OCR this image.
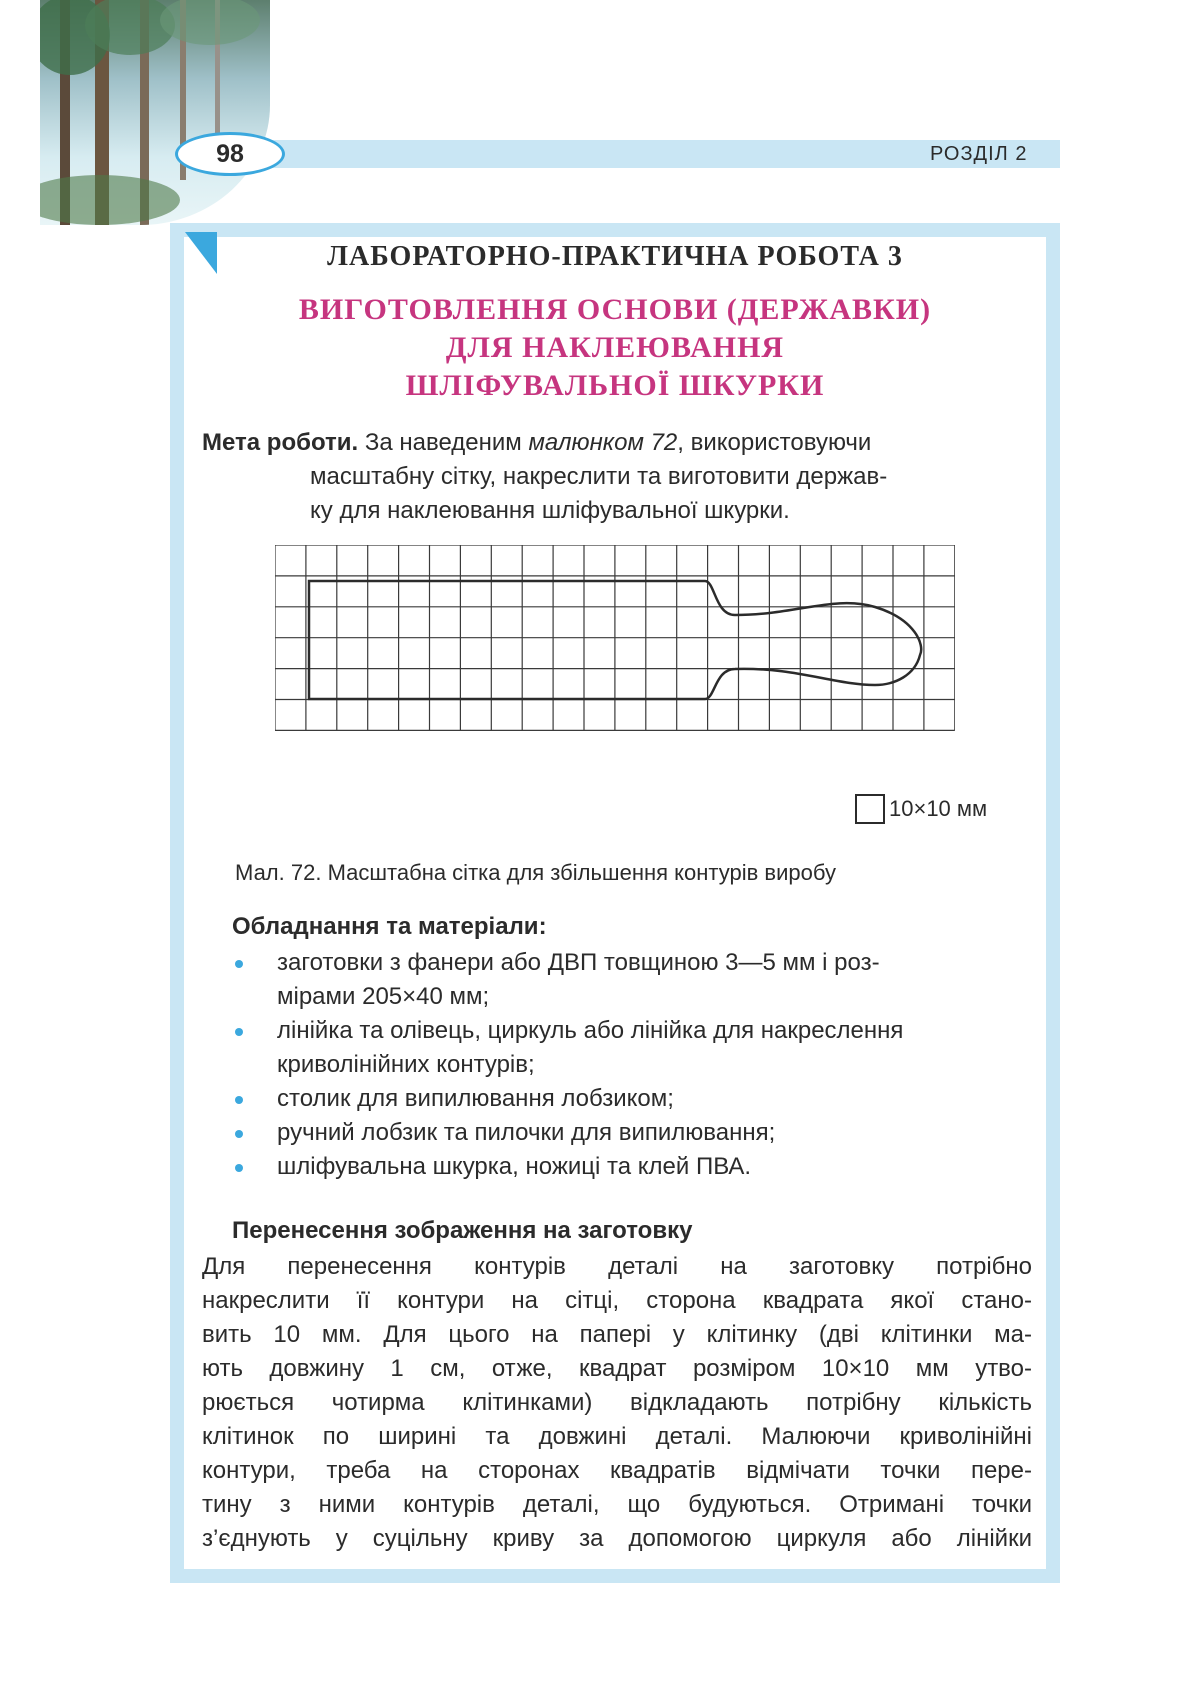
98	РОЗДІЛ 2
ЛАБОРАТОРНО-ПРАКТИЧНА РОБОТА 3
ВИГОТОВЛЕННЯ ОСНОВИ (ДЕРЖАВКИ)
ДЛЯ НАКЛЕЮВАННЯ
ШЛІФУВАЛЬНОЇ ШКУРКИ
Мета роботи. За наведеним малюнком 72, використовуючи
масштабну сітку, накреслити та виготовити держав-
ку для наклеювання шліфувальної шкурки.
10×10 мм
Мал. 72. Масштабна сітка для збільшення контурів виробу
Обладнання та матеріали:
заготовки з фанери або ДВП товщиною 3—5 мм і роз-
мірами 205×40 мм;
лінійка та олівець, циркуль або лінійка для накреслення
криволінійних контурів;
столик для випилювання лобзиком;
ручний лобзик та пилочки для випилювання;
шліфувальна шкурка, ножиці та клей ПВА.
Перенесення зображення на заготовку
Для перенесення контурів деталі на заготовку потрібно
накреслити її контури на сітці, сторона квадрата якої стано-
вить 10 мм. Для цього на папері у клітинку (дві клітинки ма-
ють довжину 1 см, отже, квадрат розміром 10×10 мм утво-
рюється чотирма клітинками) відкладають потрібну кількість
клітинок по ширині та довжині деталі. Малюючи криволінійні
контури, треба на сторонах квадратів відмічати точки пере-
тину з ними контурів деталі, що будуються. Отримані точки
з’єднують у суцільну криву за допомогою циркуля або лінійки
